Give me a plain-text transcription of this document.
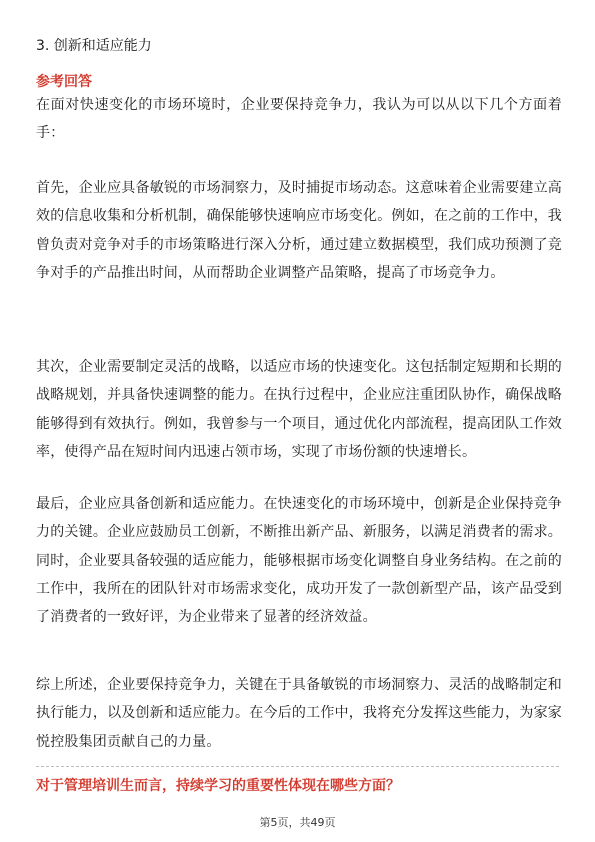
3. 创新和适应能力
参考回答

在面对快速变化的市场环境时，企业要保持竞争力，我认为可以从以下几个方面着手：

首先，企业应具备敏锐的市场洞察力，及时捕捉市场动态。这意味着企业需要建立高效的信息收集和分析机制，确保能够快速响应市场变化。例如，在之前的工作中，我曾负责对竞争对手的市场策略进行深入分析，通过建立数据模型，我们成功预测了竞争对手的产品推出时间，从而帮助企业调整产品策略，提高了市场竞争力。

其次，企业需要制定灵活的战略，以适应市场的快速变化。这包括制定短期和长期的战略规划，并具备快速调整的能力。在执行过程中，企业应注重团队协作，确保战略能够得到有效执行。例如，我曾参与一个项目，通过优化内部流程，提高团队工作效率，使得产品在短时间内迅速占领市场，实现了市场份额的快速增长。

最后，企业应具备创新和适应能力。在快速变化的市场环境中，创新是企业保持竞争力的关键。企业应鼓励员工创新，不断推出新产品、新服务，以满足消费者的需求。同时，企业要具备较强的适应能力，能够根据市场变化调整自身业务结构。在之前的工作中，我所在的团队针对市场需求变化，成功开发了一款创新型产品，该产品受到了消费者的一致好评，为企业带来了显著的经济效益。

综上所述，企业要保持竞争力，关键在于具备敏锐的市场洞察力、灵活的战略制定和执行能力，以及创新和适应能力。在今后的工作中，我将充分发挥这些能力，为家家悦控股集团贡献自己的力量。

对于管理培训生而言，持续学习的重要性体现在哪些方面？

第5页，共49页
